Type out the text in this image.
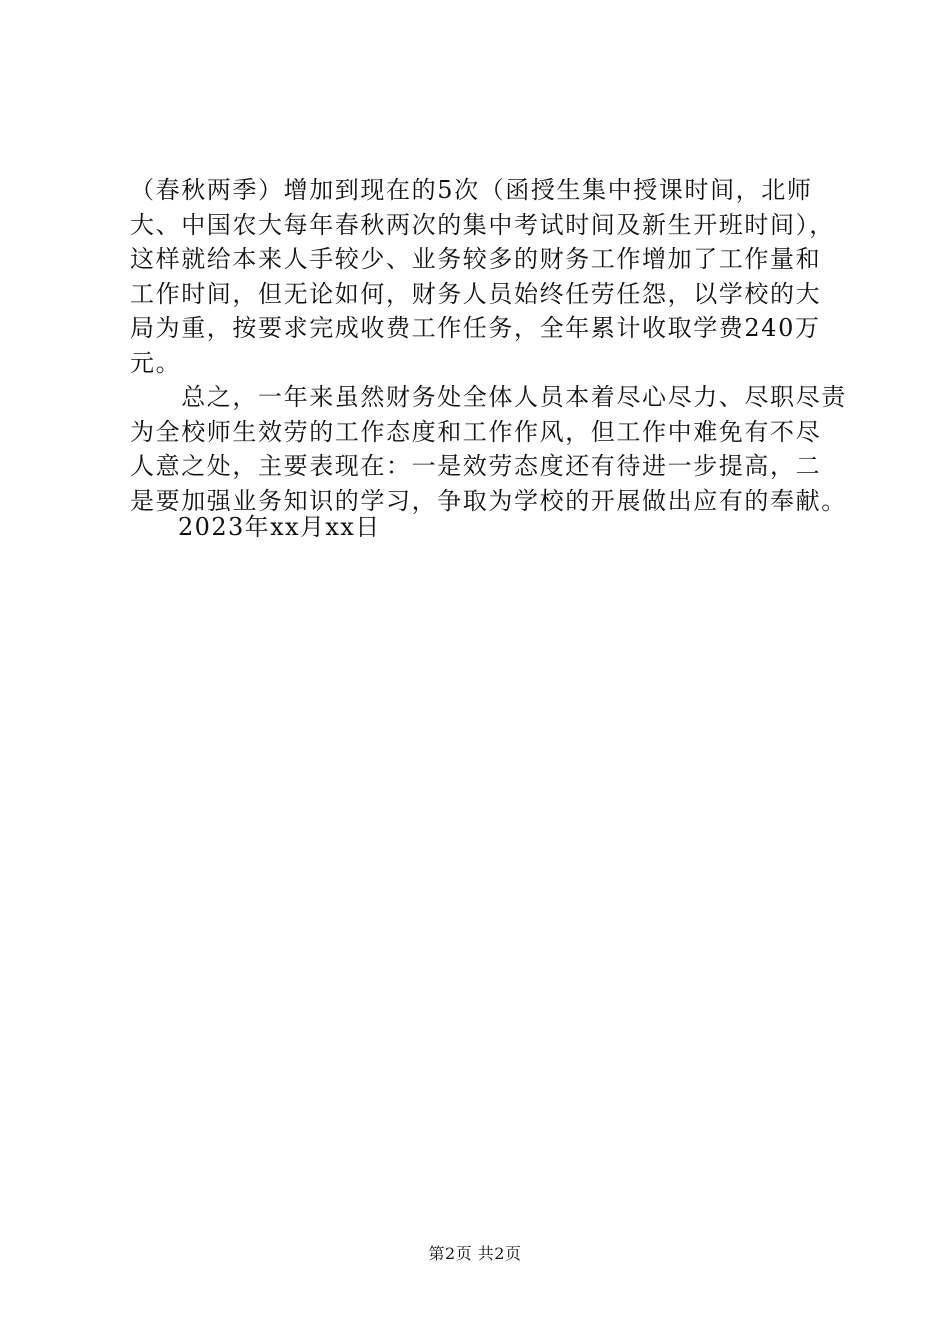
（春秋两季）增加到现在的5次（函授生集中授课时间，北师
大、中国农大每年春秋两次的集中考试时间及新生开班时间），
这样就给本来人手较少、业务较多的财务工作增加了工作量和
工作时间，但无论如何，财务人员始终任劳任怨，以学校的大
局为重，按要求完成收费工作任务，全年累计收取学费240万
元。
　　总之，一年来虽然财务处全体人员本着尽心尽力、尽职尽责
为全校师生效劳的工作态度和工作作风，但工作中难免有不尽
人意之处，主要表现在：一是效劳态度还有待进一步提高，二
是要加强业务知识的学习，争取为学校的开展做出应有的奉献。
2023年xx月xx日
第2页 共2页
